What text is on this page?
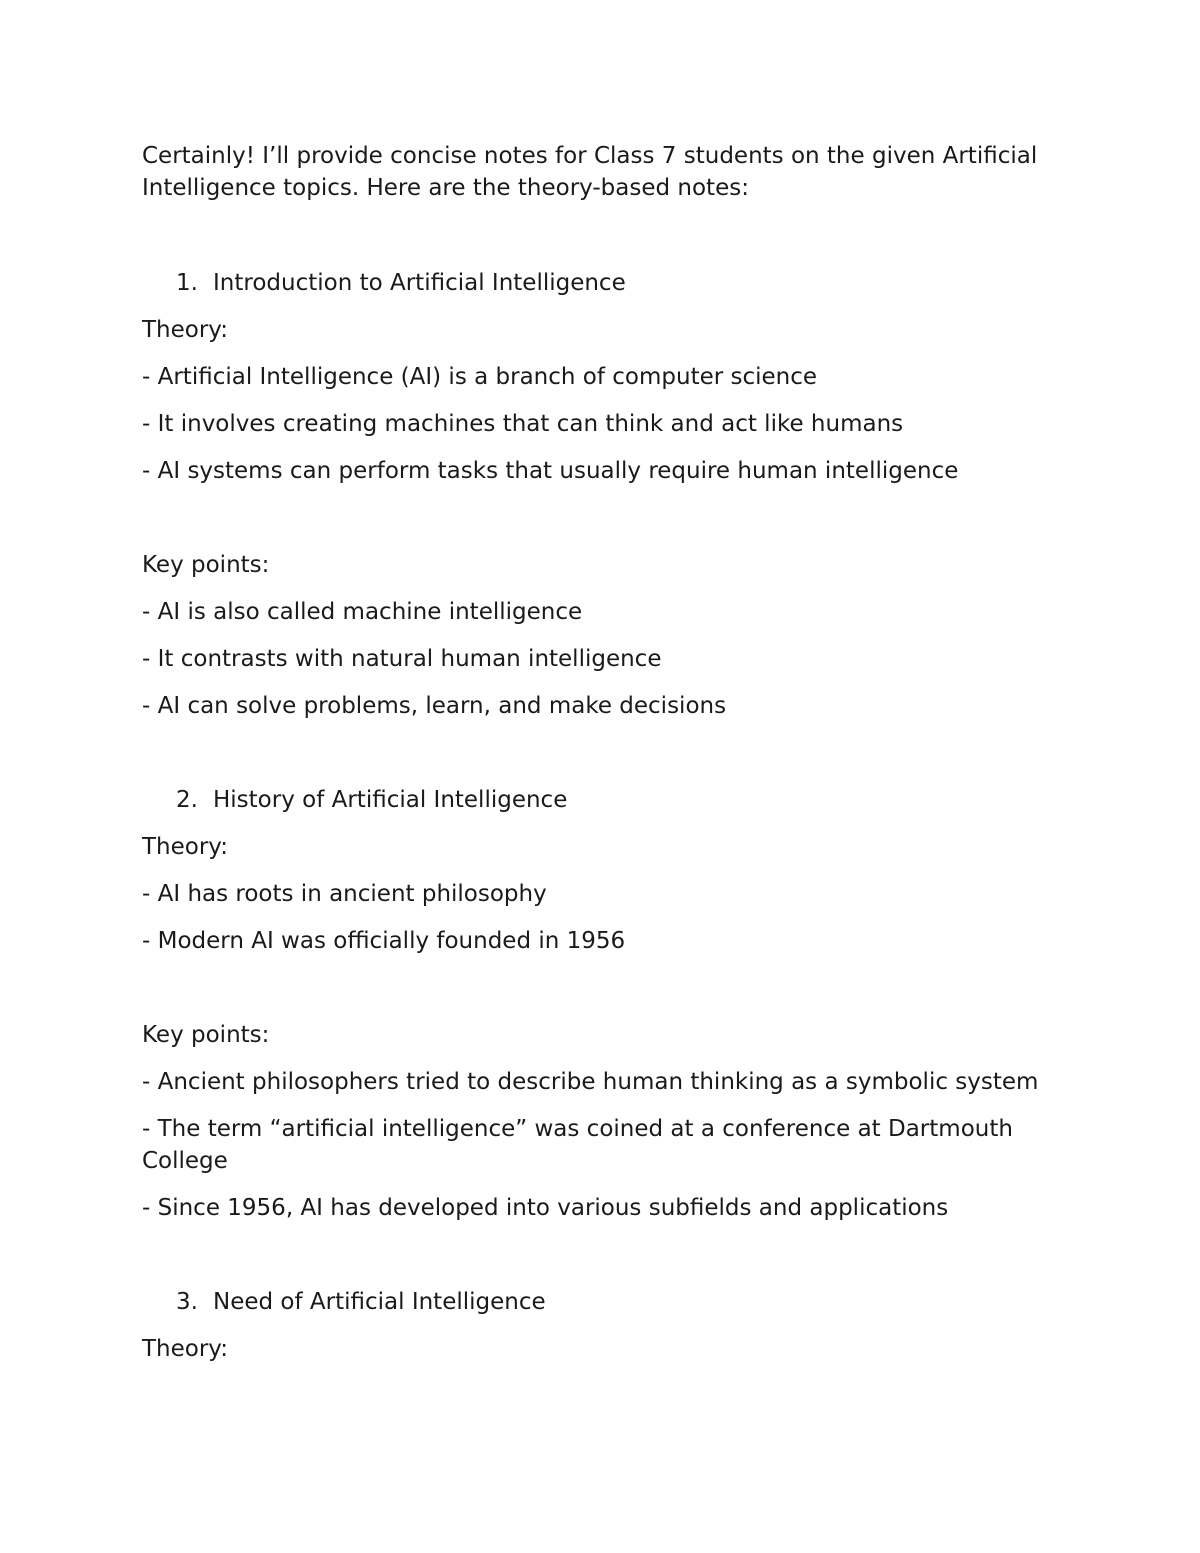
Certainly! I’ll provide concise notes for Class 7 students on the given Artificial Intelligence topics. Here are the theory-based notes:

1. Introduction to Artificial Intelligence

Theory:

- Artificial Intelligence (AI) is a branch of computer science

- It involves creating machines that can think and act like humans

- AI systems can perform tasks that usually require human intelligence

Key points:

- AI is also called machine intelligence

- It contrasts with natural human intelligence

- AI can solve problems, learn, and make decisions

2. History of Artificial Intelligence

Theory:

- AI has roots in ancient philosophy

- Modern AI was officially founded in 1956

Key points:

- Ancient philosophers tried to describe human thinking as a symbolic system

- The term “artificial intelligence” was coined at a conference at Dartmouth College

- Since 1956, AI has developed into various subfields and applications

3. Need of Artificial Intelligence

Theory:
